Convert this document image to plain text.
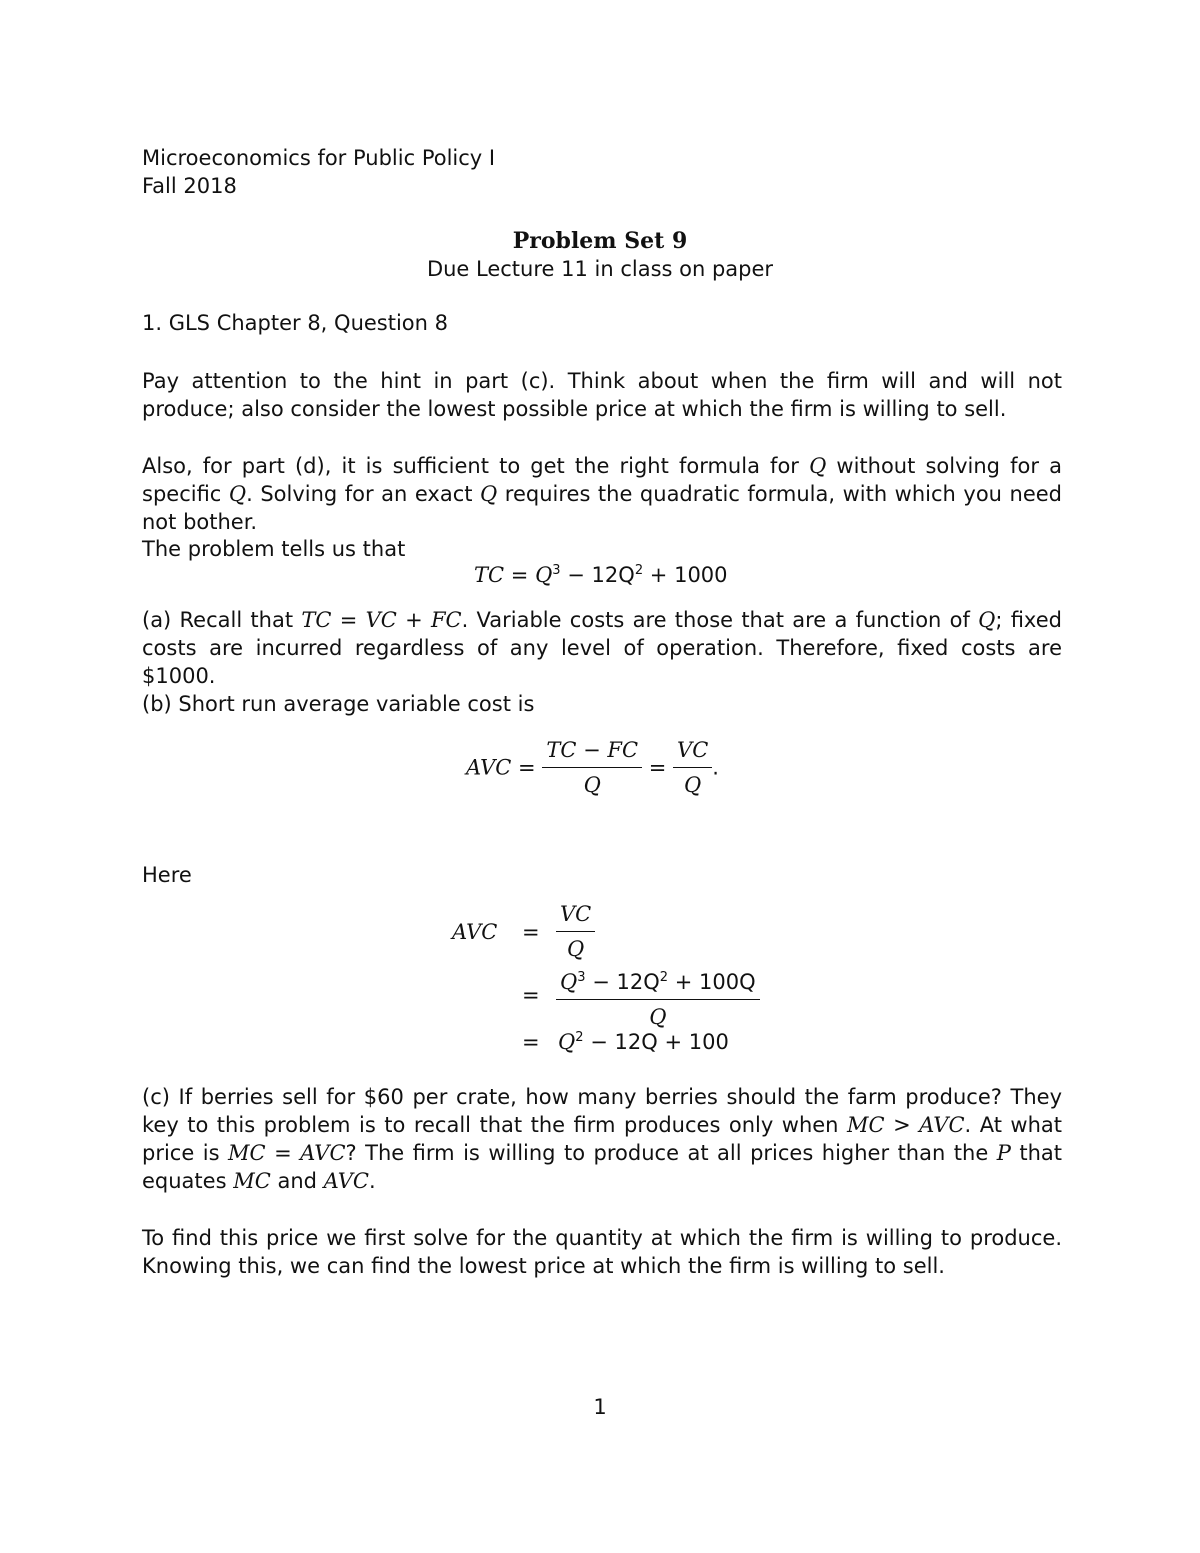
Microeconomics for Public Policy I
Fall 2018
Problem Set 9
Due Lecture 11 in class on paper
1. GLS Chapter 8, Question 8
Pay attention to the hint in part (c). Think about when the firm will and will not produce; also consider the lowest possible price at which the firm is willing to sell.
Also, for part (d), it is sufficient to get the right formula for Q without solving for a specific Q. Solving for an exact Q requires the quadratic formula, with which you need not bother.
The problem tells us that
TC = $Q^3 - 12Q^2 + 1000$
(a) Recall that TC = VC + FC. Variable costs are those that are a function of Q; fixed costs are incurred regardless of any level of operation. Therefore, fixed costs are $1000.
(b) Short run average variable cost is
AVC = $\frac{TC - FC}{Q} = \frac{VC}{Q}$ .
Here
AVC = $\frac{VC}{Q}$
= $\frac{Q^3 - 12Q^2 + 100Q}{Q}$
= $Q^2 - 12Q + 100$
(c) If berries sell for $60 per crate, how many berries should the farm produce? They key to this problem is to recall that the firm produces only when MC > AVC. At what price is MC = AVC? The firm is willing to produce at all prices higher than the P that equates MC and AVC.
To find this price we first solve for the quantity at which the firm is willing to produce. Knowing this, we can find the lowest price at which the firm is willing to sell.
1
